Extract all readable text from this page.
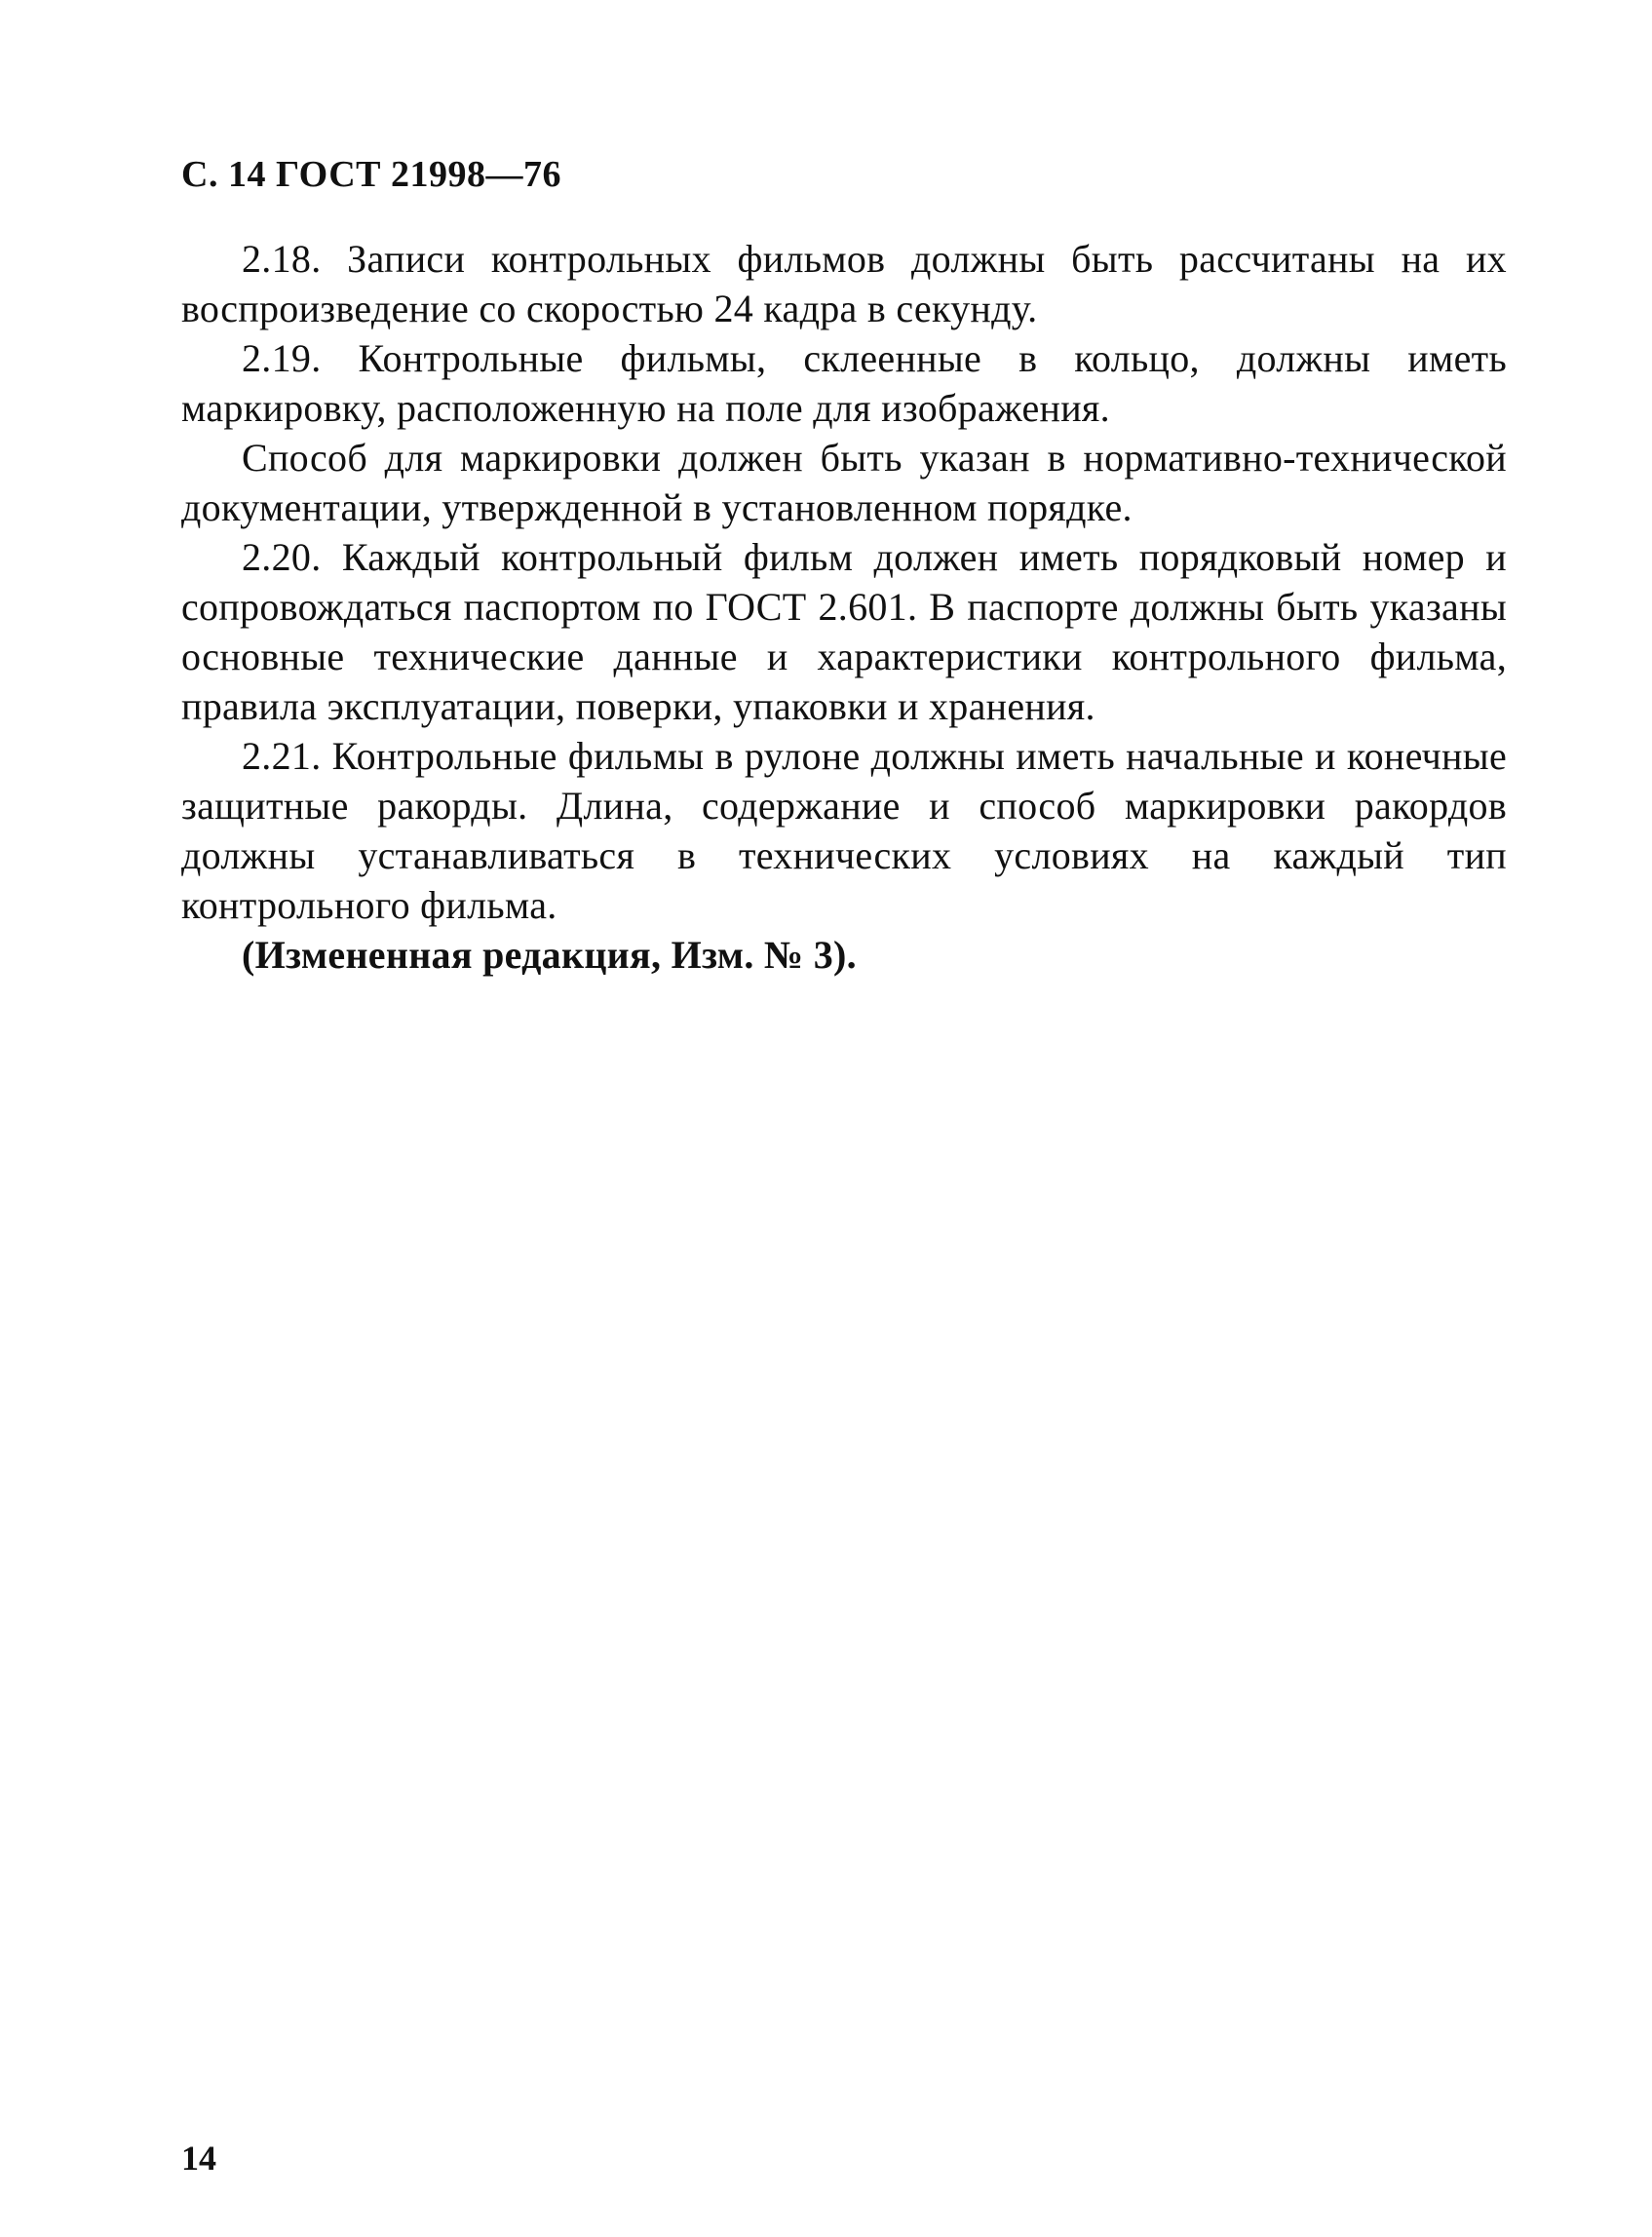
С. 14 ГОСТ 21998—76

2.18. Записи контрольных фильмов должны быть рассчитаны на их воспроизведение со скоростью 24 кадра в секунду.

2.19. Контрольные фильмы, склеенные в кольцо, должны иметь маркировку, расположенную на поле для изображения.

Способ для маркировки должен быть указан в нормативно-технической документации, утвержденной в установленном порядке.

2.20. Каждый контрольный фильм должен иметь порядковый номер и сопровождаться паспортом по ГОСТ 2.601. В паспорте должны быть указаны основные технические данные и характеристики контрольного фильма, правила эксплуатации, поверки, упаковки и хранения.

2.21. Контрольные фильмы в рулоне должны иметь начальные и конечные защитные ракорды. Длина, содержание и способ маркировки ракордов должны устанавливаться в технических условиях на каждый тип контрольного фильма.

(Измененная редакция, Изм. № 3).

14
